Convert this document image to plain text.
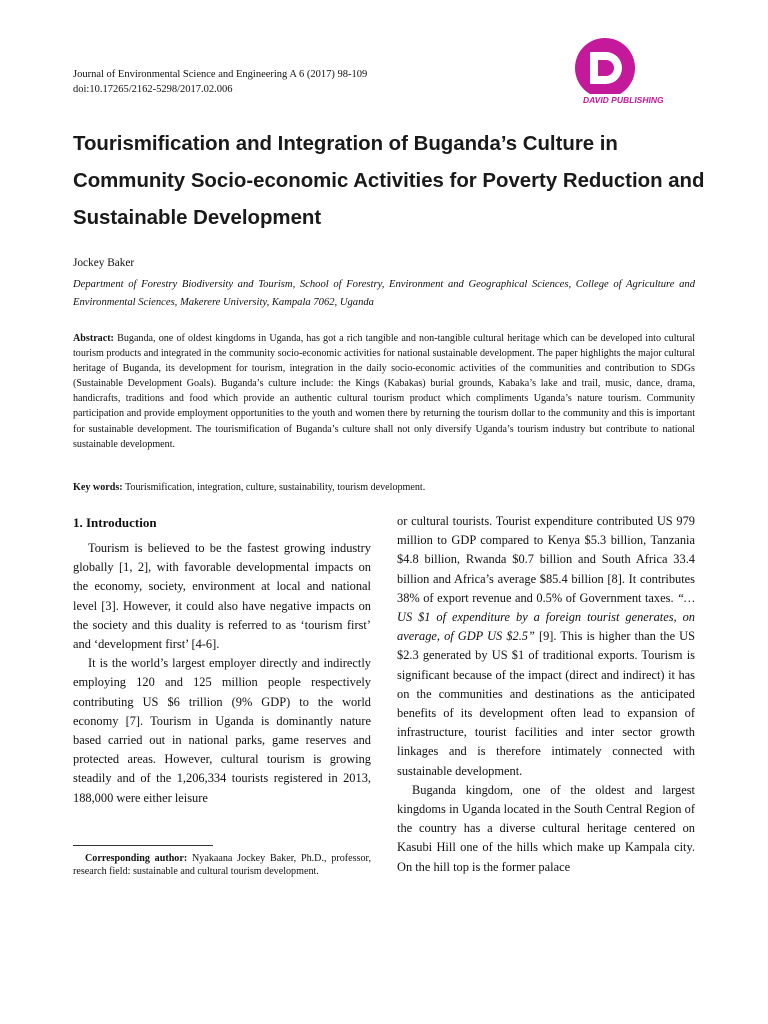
Journal of Environmental Science and Engineering A 6 (2017) 98-109
doi:10.17265/2162-5298/2017.02.006
DAVID PUBLISHING
Tourismification and Integration of Buganda’s Culture in Community Socio-economic Activities for Poverty Reduction and Sustainable Development
Jockey Baker
Department of Forestry Biodiversity and Tourism, School of Forestry, Environment and Geographical Sciences, College of Agriculture and Environmental Sciences, Makerere University, Kampala 7062, Uganda
Abstract: Buganda, one of oldest kingdoms in Uganda, has got a rich tangible and non-tangible cultural heritage which can be developed into cultural tourism products and integrated in the community socio-economic activities for national sustainable development. The paper highlights the major cultural heritage of Buganda, its development for tourism, integration in the daily socio-economic activities of the communities and contribution to SDGs (Sustainable Development Goals). Buganda’s culture include: the Kings (Kabakas) burial grounds, Kabaka’s lake and trail, music, dance, drama, handicrafts, traditions and food which provide an authentic cultural tourism product which compliments Uganda’s nature tourism. Community participation and provide employment opportunities to the youth and women there by returning the tourism dollar to the community and this is important for sustainable development. The tourismification of Buganda’s culture shall not only diversify Uganda’s tourism industry but contribute to national sustainable development.
Key words: Tourismification, integration, culture, sustainability, tourism development.
1. Introduction

Tourism is believed to be the fastest growing industry globally [1, 2], with favorable developmental impacts on the economy, society, environment at local and national level [3]. However, it could also have negative impacts on the society and this duality is referred to as ‘tourism first’ and ‘development first’ [4-6].

It is the world’s largest employer directly and indirectly employing 120 and 125 million people respectively contributing US $6 trillion (9% GDP) to the world economy [7]. Tourism in Uganda is dominantly nature based carried out in national parks, game reserves and protected areas. However, cultural tourism is growing steadily and of the 1,206,334 tourists registered in 2013, 188,000 were either leisure

or cultural tourists. Tourist expenditure contributed US 979 million to GDP compared to Kenya $5.3 billion, Tanzania $4.8 billion, Rwanda $0.7 billion and South Africa 33.4 billion and Africa’s average $85.4 billion [8]. It contributes 38% of export revenue and 0.5% of Government taxes. “…US $1 of expenditure by a foreign tourist generates, on average, of GDP US $2.5” [9]. This is higher than the US $2.3 generated by US $1 of traditional exports. Tourism is significant because of the impact (direct and indirect) it has on the communities and destinations as the anticipated benefits of its development often lead to expansion of infrastructure, tourist facilities and inter sector growth linkages and is therefore intimately connected with sustainable development.

Buganda kingdom, one of the oldest and largest kingdoms in Uganda located in the South Central Region of the country has a diverse cultural heritage centered on Kasubi Hill one of the hills which make up Kampala city. On the hill top is the former palace

Corresponding author: Nyakaana Jockey Baker, Ph.D., professor, research field: sustainable and cultural tourism development.
